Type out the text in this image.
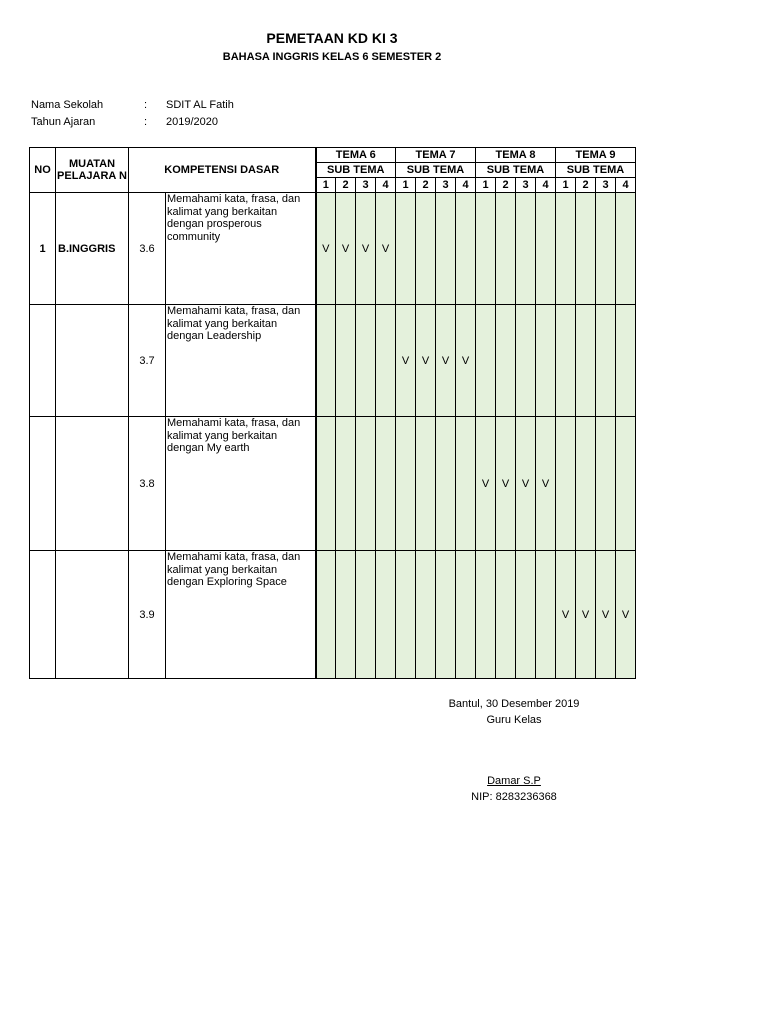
PEMETAAN KD KI 3
BAHASA INGGRIS KELAS 6 SEMESTER 2
Nama Sekolah	: SDIT AL Fatih
Tahun Ajaran	: 2019/2020
NO	MUATAN PELAJARA N	KOMPETENSI DASAR		TEMA 6				TEMA 7				TEMA 8				TEMA 9			
				SUB TEMA				SUB TEMA				SUB TEMA				SUB TEMA			
				1	2	3	4	1	2	3	4	1	2	3	4	1	2	3	4
1	B.INGGRIS	3.6	Memahami kata, frasa, dan kalimat yang berkaitan dengan prosperous community	V	V	V	V												
		3.7	Memahami kata, frasa, dan kalimat yang berkaitan dengan Leadership					V	V	V	V								
		3.8	Memahami kata, frasa, dan kalimat yang berkaitan dengan My earth									V	V	V	V				
		3.9	Memahami kata, frasa, dan kalimat yang berkaitan dengan Exploring Space													V	V	V	V
Bantul, 30 Desember 2019
Guru Kelas
Damar S.P
NIP: 8283236368
